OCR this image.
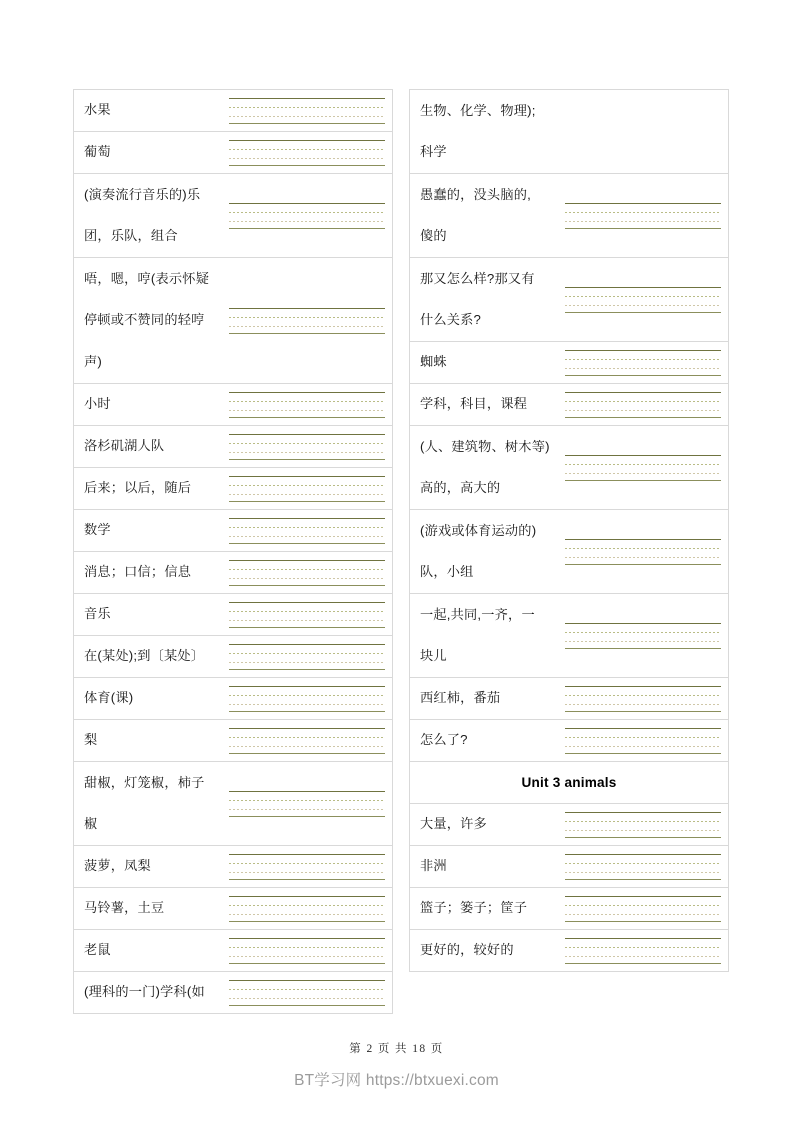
水果
葡萄
(演奏流行音乐的)乐
团，乐队，组合
唔，嗯，哼(表示怀疑
停顿或不赞同的轻哼
声)
小时
洛杉矶湖人队
后来；以后，随后
数学
消息；口信；信息
音乐
在(某处);到〔某处〕
体育(课)
梨
甜椒，灯笼椒，柿子
椒
菠萝，凤梨
马铃薯，土豆
老鼠
(理科的一门)学科(如
生物、化学、物理);
科学
愚蠢的，没头脑的,
傻的
那又怎么样?那又有
什么关系?
蜘蛛
学科，科目，课程
(人、建筑物、树木等)
高的，高大的
(游戏或体育运动的)
队，小组
一起,共同,一齐，一
块儿
西红柿，番茄
怎么了?
Unit 3 animals
大量，许多
非洲
篮子；篓子；筐子
更好的，较好的
第 2 页 共 18 页
BT学习网 https://btxuexi.com
